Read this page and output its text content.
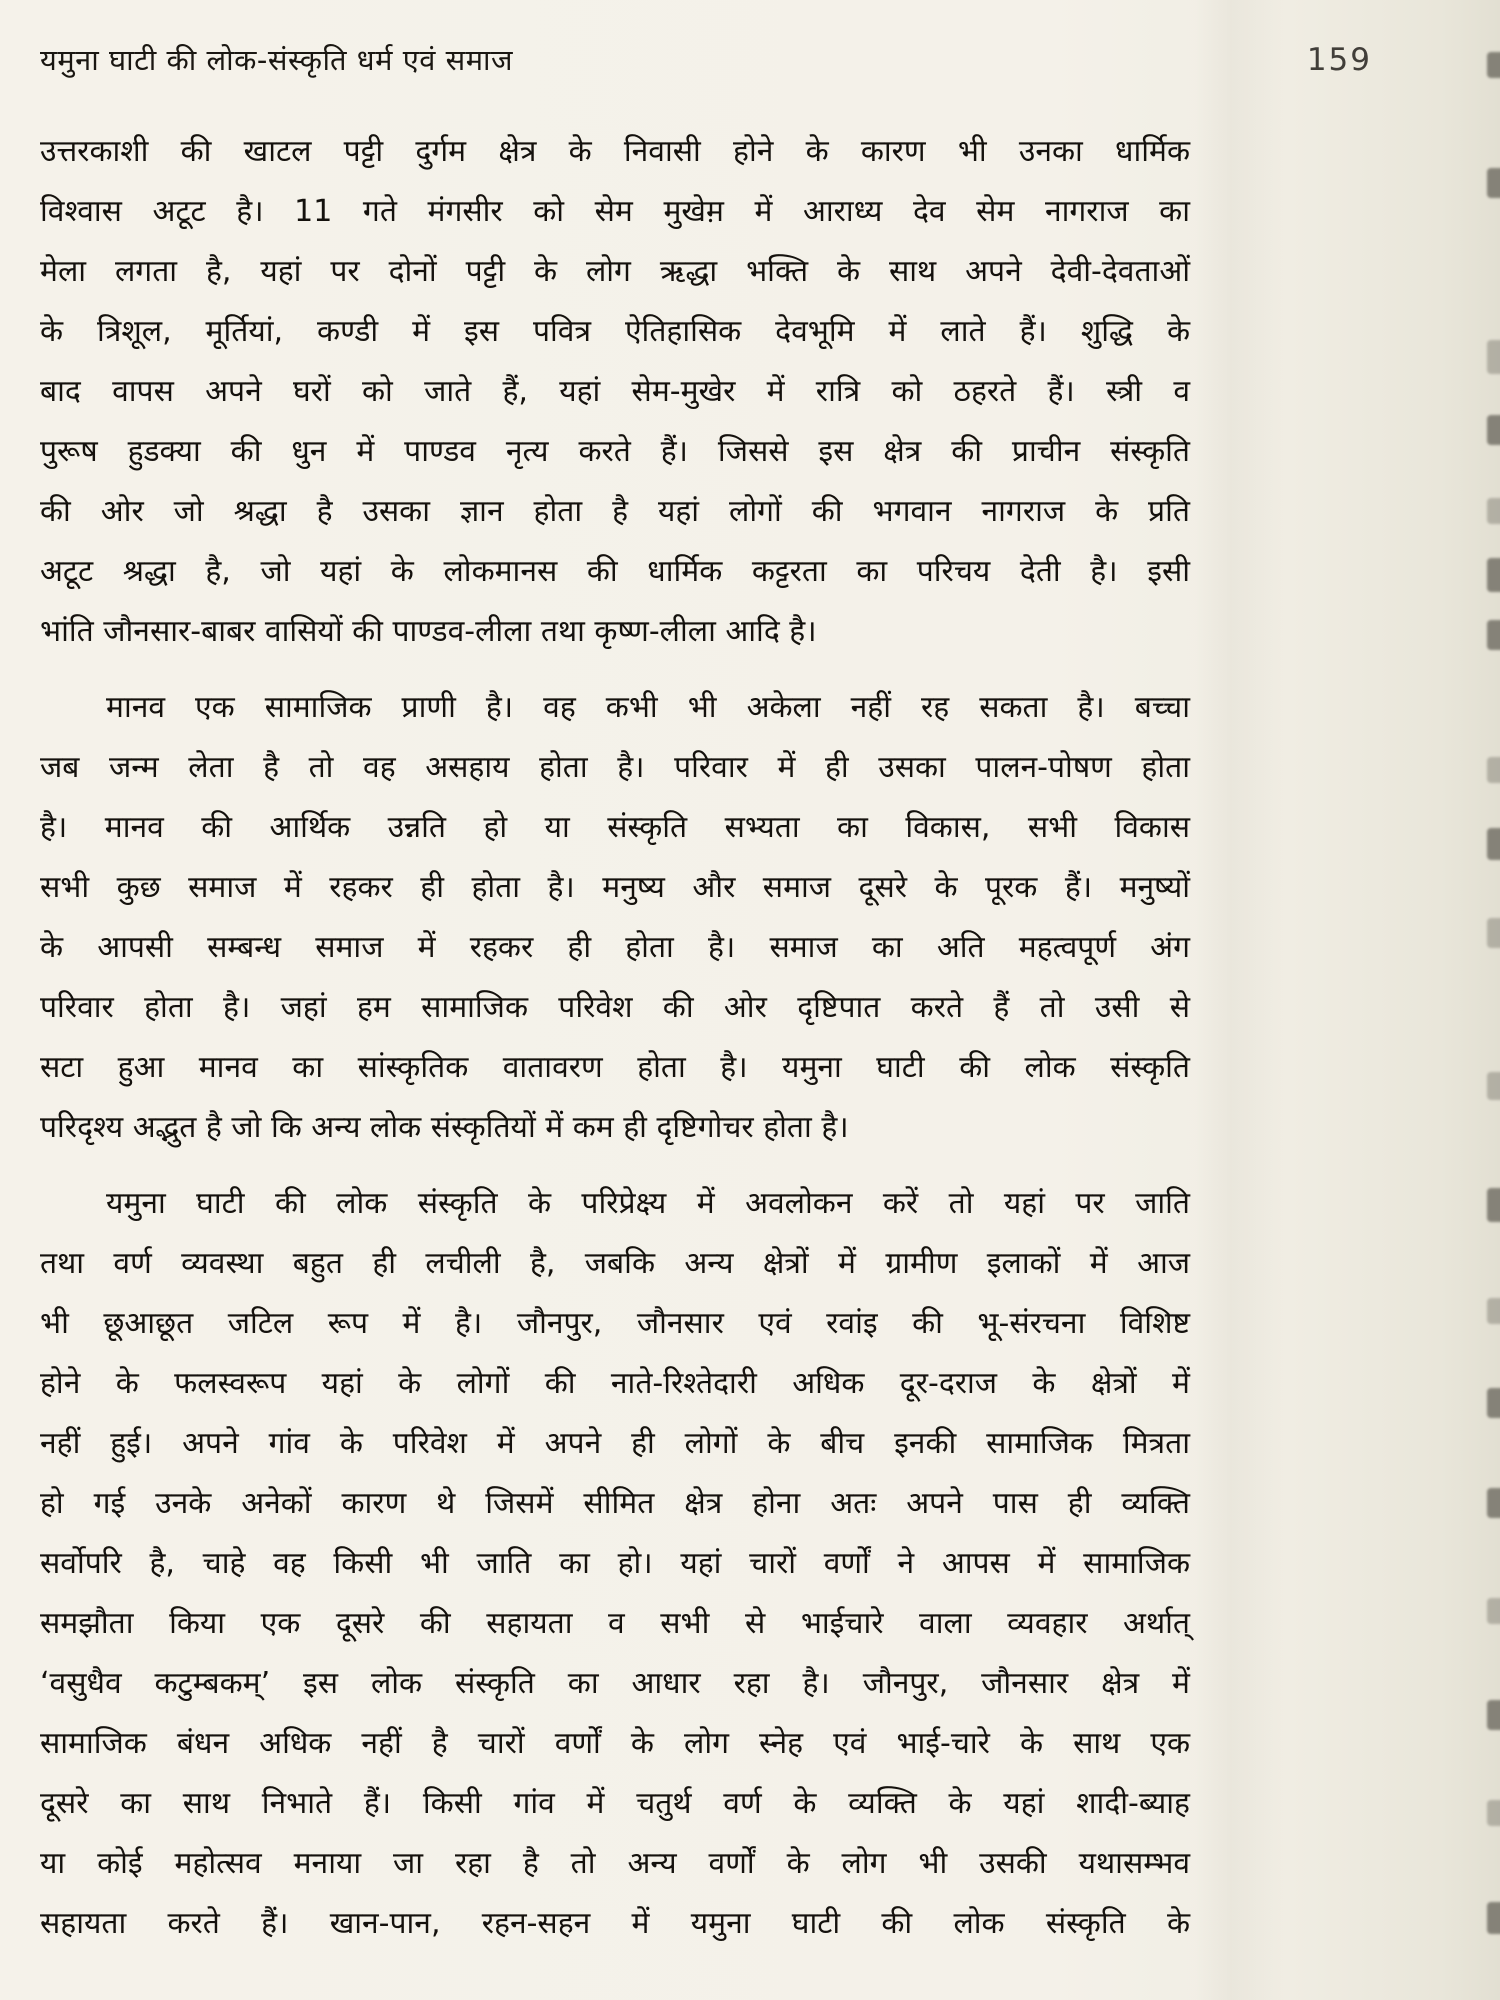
यमुना घाटी की लोक-संस्कृति धर्म एवं समाज	159
उत्तरकाशी की खाटल पट्टी दुर्गम क्षेत्र के निवासी होने के कारण भी उनका धार्मिक
विश्वास अटूट है। 11 गते मंगसीर को सेम मुखेम़ में आराध्य देव सेम नागराज का
मेला लगता है, यहां पर दोनों पट्टी के लोग ऋद्धा भक्ति के साथ अपने देवी-देवताओं
के त्रिशूल, मूर्तियां, कण्डी में इस पवित्र ऐतिहासिक देवभूमि में लाते हैं। शुद्धि के
बाद वापस अपने घरों को जाते हैं, यहां सेम-मुखेर में रात्रि को ठहरते हैं। स्त्री व
पुरूष हुडक्या की धुन में पाण्डव नृत्य करते हैं। जिससे इस क्षेत्र की प्राचीन संस्कृति
की ओर जो श्रद्धा है उसका ज्ञान होता है यहां लोगों की भगवान नागराज के प्रति
अटूट श्रद्धा है, जो यहां के लोकमानस की धार्मिक कट्टरता का परिचय देती है। इसी
भांति जौनसार-बाबर वासियों की पाण्डव-लीला तथा कृष्ण-लीला आदि है।
मानव एक सामाजिक प्राणी है। वह कभी भी अकेला नहीं रह सकता है। बच्चा
जब जन्म लेता है तो वह असहाय होता है। परिवार में ही उसका पालन-पोषण होता
है। मानव की आर्थिक उन्नति हो या संस्कृति सभ्यता का विकास, सभी विकास
सभी कुछ समाज में रहकर ही होता है। मनुष्य और समाज दूसरे के पूरक हैं। मनुष्यों
के आपसी सम्बन्ध समाज में रहकर ही होता है। समाज का अति महत्वपूर्ण अंग
परिवार होता है। जहां हम सामाजिक परिवेश की ओर दृष्टिपात करते हैं तो उसी से
सटा हुआ मानव का सांस्कृतिक वातावरण होता है। यमुना घाटी की लोक संस्कृति
परिदृश्य अद्भुत है जो कि अन्य लोक संस्कृतियों में कम ही दृष्टिगोचर होता है।
यमुना घाटी की लोक संस्कृति के परिप्रेक्ष्य में अवलोकन करें तो यहां पर जाति
तथा वर्ण व्यवस्था बहुत ही लचीली है, जबकि अन्य क्षेत्रों में ग्रामीण इलाकों में आज
भी छूआछूत जटिल रूप में है। जौनपुर, जौनसार एवं रवांइ की भू-संरचना विशिष्ट
होने के फलस्वरूप यहां के लोगों की नाते-रिश्तेदारी अधिक दूर-दराज के क्षेत्रों में
नहीं हुई। अपने गांव के परिवेश में अपने ही लोगों के बीच इनकी सामाजिक मित्रता
हो गई उनके अनेकों कारण थे जिसमें सीमित क्षेत्र होना अतः अपने पास ही व्यक्ति
सर्वोपरि है, चाहे वह किसी भी जाति का हो। यहां चारों वर्णों ने आपस में सामाजिक
समझौता किया एक दूसरे की सहायता व सभी से भाईचारे वाला व्यवहार अर्थात्
‘वसुधैव कटुम्बकम्’ इस लोक संस्कृति का आधार रहा है। जौनपुर, जौनसार क्षेत्र में
सामाजिक बंधन अधिक नहीं है चारों वर्णों के लोग स्नेह एवं भाई-चारे के साथ एक
दूसरे का साथ निभाते हैं। किसी गांव में चतुर्थ वर्ण के व्यक्ति के यहां शादी-ब्याह
या कोई महोत्सव मनाया जा रहा है तो अन्य वर्णों के लोग भी उसकी यथासम्भव
सहायता करते हैं। खान-पान, रहन-सहन में यमुना घाटी की लोक संस्कृति के
